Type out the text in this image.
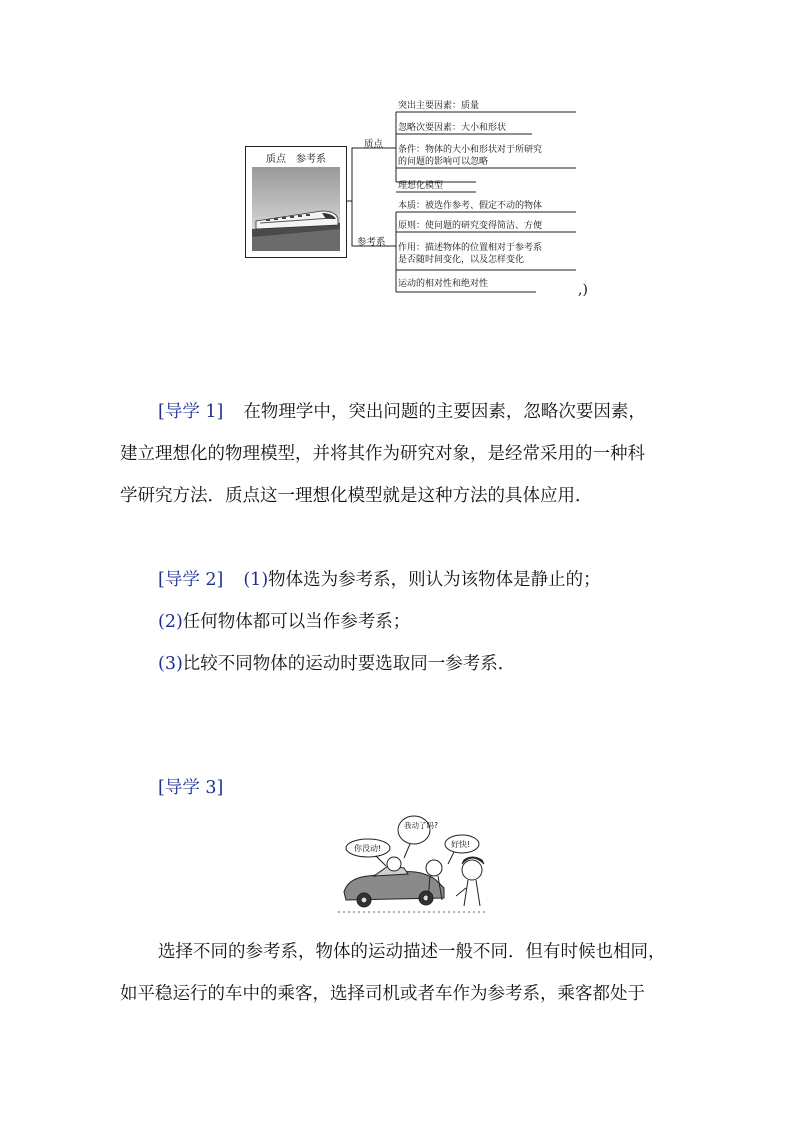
质点　参考系
质点
参考系
突出主要因素：质量
忽略次要因素：大小和形状
条件：物体的大小和形状对于所研究
的问题的影响可以忽略
理想化模型
本质：被选作参考、假定不动的物体
原则：使问题的研究变得简洁、方便
作用：描述物体的位置相对于参考系
是否随时间变化，以及怎样变化
运动的相对性和绝对性	,)
[导学 1] 在物理学中，突出问题的主要因素，忽略次要因素，
建立理想化的物理模型，并将其作为研究对象，是经常采用的一种科
学研究方法．质点这一理想化模型就是这种方法的具体应用．
[导学 2] (1)物体选为参考系，则认为该物体是静止的；
(2)任何物体都可以当作参考系；
(3)比较不同物体的运动时要选取同一参考系．
[导学 3]
你没动!
我动了吗?
好快!
选择不同的参考系，物体的运动描述一般不同．但有时候也相同，
如平稳运行的车中的乘客，选择司机或者车作为参考系，乘客都处于
